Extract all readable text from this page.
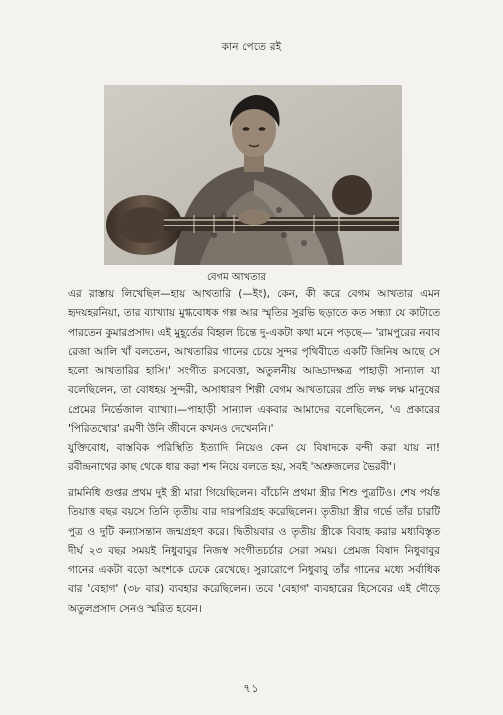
কান পেতে রই
বেগম আখতার

এর রাস্তায় লিখেছিল—হায় আখতারি (—ইং), কেন, কী করে বেগম আখতার এমন হৃদয়হরনিয়া, তার ব্যাখ্যায় মুগ্ধবোধক গল্প আর স্মৃতির সুরভি ছড়াতে কত সন্ধ্যা যে কাটাতে পারতেন কুমারপ্রসাদ। এই মুহূর্তের বিহ্বল চিন্তে দু-একটা কথা মনে পড়ছে— 'রামপুরের নবাব রেজা আলি খাঁ বলতেন, আখতারির গানের চেয়ে সুন্দর পৃথিবীতে একটি জিনিষ আছে সে হলো আখতারির হাসি।' সংগীত রসবেত্তা, অতুলনীয় আড্ডাদক্ষত্র পাহাড়ী সান্যাল যা বলেছিলেন, তা বোধহয় সুন্দরী, অসাধারণ শিল্পী বেগম আখতারের প্রতি লক্ষ লক্ষ মানুষের প্রেমের নির্ভেজাল ব্যাখ্যা।—পাহাড়ী সান্যাল একবার আমাদের বলেছিলেন, 'এ প্রকারের 'পিরিতখোর' রমণী উনি জীবনে কখনও দেখেননি।'

যুক্তিবোধ, বাস্তবিক পরিস্থিতি ইত্যাদি নিয়েও কেন যে বিষাদকে বন্দী করা যায় না! রবীন্দ্রনাথের কাছ থেকে ধার করা শব্দ নিয়ে বলতে হয়, সবই 'অশ্রুজলের ভৈরবী'।

রামনিধি গুপ্তর প্রথম দুই স্ত্রী মারা গিয়েছিলেন। বাঁচেনি প্রথমা স্ত্রীর শিশু পুত্রটিও। শেষ পর্যন্ত তিয়াত্ত বছর বয়সে তিনি তৃতীয় বার দারপরিগ্রহ করেছিলেন। তৃতীয়া স্ত্রীর গর্ভে তাঁর চারটি পুত্র ও দুটি কন্যাসন্তান জন্মগ্রহণ করে। দ্বিতীয়বার ও তৃতীয় স্ত্রীকে বিবাহ করার মধ্যবিস্তৃত দীর্ঘ ২৩ বছর সময়ই নিধুবাবুর নিজস্ব সংগীতচর্চার সেরা সময়। প্রেমজ বিষাদ নিধুবাবুর গানের একটা বড়ো অংশকে ঢেকে রেখেছে। সুরারোপে নিধুবাবু তাঁর গানের মধ্যে সর্বাধিক বার 'বেহাগ' (৩৮ বার) ব্যবহার করেছিলেন। তবে 'বেহাগ' ব্যবহারের হিসেবের এই দৌড়ে অতুলপ্রসাদ সেনও স্মরিত হবেন।

৭১
